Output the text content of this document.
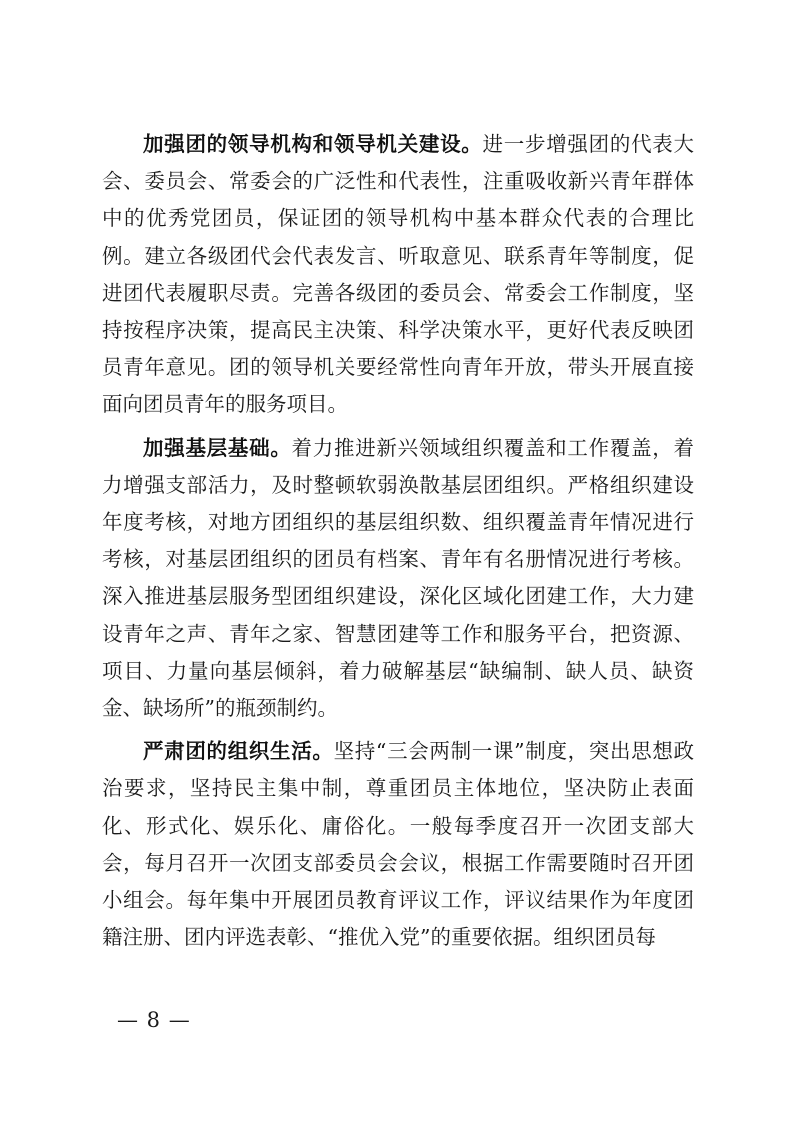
加强团的领导机构和领导机关建设。进一步增强团的代表大会、委员会、常委会的广泛性和代表性，注重吸收新兴青年群体中的优秀党团员，保证团的领导机构中基本群众代表的合理比例。建立各级团代会代表发言、听取意见、联系青年等制度，促进团代表履职尽责。完善各级团的委员会、常委会工作制度，坚持按程序决策，提高民主决策、科学决策水平，更好代表反映团员青年意见。团的领导机关要经常性向青年开放，带头开展直接面向团员青年的服务项目。

加强基层基础。着力推进新兴领域组织覆盖和工作覆盖，着力增强支部活力，及时整顿软弱涣散基层团组织。严格组织建设年度考核，对地方团组织的基层组织数、组织覆盖青年情况进行考核，对基层团组织的团员有档案、青年有名册情况进行考核。深入推进基层服务型团组织建设，深化区域化团建工作，大力建设青年之声、青年之家、智慧团建等工作和服务平台，把资源、项目、力量向基层倾斜，着力破解基层“缺编制、缺人员、缺资金、缺场所”的瓶颈制约。

严肃团的组织生活。坚持“三会两制一课”制度，突出思想政治要求，坚持民主集中制，尊重团员主体地位，坚决防止表面化、形式化、娱乐化、庸俗化。一般每季度召开一次团支部大会，每月召开一次团支部委员会会议，根据工作需要随时召开团小组会。每年集中开展团员教育评议工作，评议结果作为年度团籍注册、团内评选表彰、“推优入党”的重要依据。组织团员每

— 8 —
